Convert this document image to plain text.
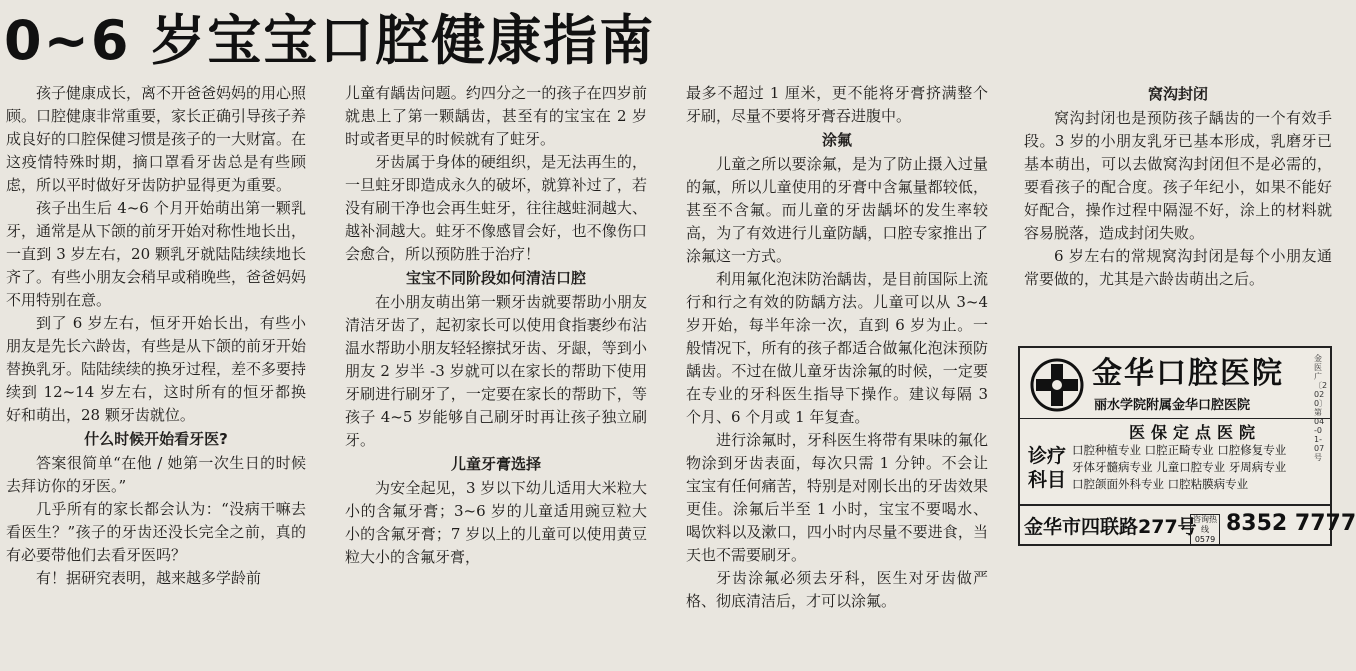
0~6 岁宝宝口腔健康指南

孩子健康成长，离不开爸爸妈妈的用心照顾。口腔健康非常重要，家长正确引导孩子养成良好的口腔保健习惯是孩子的一大财富。在这疫情特殊时期，摘口罩看牙齿总是有些顾虑，所以平时做好牙齿防护显得更为重要。

孩子出生后 4~6 个月开始萌出第一颗乳牙，通常是从下颌的前牙开始对称性地长出，一直到 3 岁左右，20 颗乳牙就陆陆续续地长齐了。有些小朋友会稍早或稍晚些，爸爸妈妈不用特别在意。

到了 6 岁左右，恒牙开始长出，有些小朋友是先长六龄齿，有些是从下颌的前牙开始替换乳牙。陆陆续续的换牙过程，差不多要持续到 12~14 岁左右，这时所有的恒牙都换好和萌出，28 颗牙齿就位。

什么时候开始看牙医?

答案很简单“在他 / 她第一次生日的时候去拜访你的牙医。”

几乎所有的家长都会认为：“没病干嘛去看医生？”孩子的牙齿还没长完全之前，真的有必要带他们去看牙医吗？

有！据研究表明，越来越多学龄前

儿童有龋齿问题。约四分之一的孩子在四岁前就患上了第一颗龋齿，甚至有的宝宝在 2 岁时或者更早的时候就有了蛀牙。

牙齿属于身体的硬组织，是无法再生的，一旦蛀牙即造成永久的破坏，就算补过了，若没有刷干净也会再生蛀牙，往往越蛀洞越大、越补洞越大。蛀牙不像感冒会好，也不像伤口会愈合，所以预防胜于治疗！

宝宝不同阶段如何清洁口腔

在小朋友萌出第一颗牙齿就要帮助小朋友清洁牙齿了，起初家长可以使用食指裹纱布沾温水帮助小朋友轻轻擦拭牙齿、牙龈，等到小朋友 2 岁半 -3 岁就可以在家长的帮助下使用牙刷进行刷牙了，一定要在家长的帮助下，等孩子 4~5 岁能够自己刷牙时再让孩子独立刷牙。

儿童牙膏选择

为安全起见，3 岁以下幼儿适用大米粒大小的含氟牙膏；3~6 岁的儿童适用豌豆粒大小的含氟牙膏；7 岁以上的儿童可以使用黄豆粒大小的含氟牙膏，

最多不超过 1 厘米，更不能将牙膏挤满整个牙刷，尽量不要将牙膏吞进腹中。

涂氟

儿童之所以要涂氟，是为了防止摄入过量的氟，所以儿童使用的牙膏中含氟量都较低，甚至不含氟。而儿童的牙齿龋坏的发生率较高，为了有效进行儿童防龋，口腔专家推出了涂氟这一方式。

利用氟化泡沫防治龋齿，是目前国际上流行和行之有效的防龋方法。儿童可以从 3~4 岁开始，每半年涂一次，直到 6 岁为止。一般情况下，所有的孩子都适合做氟化泡沫预防龋齿。不过在做儿童牙齿涂氟的时候，一定要在专业的牙科医生指导下操作。建议每隔 3 个月、6 个月或 1 年复查。

进行涂氟时，牙科医生将带有果味的氟化物涂到牙齿表面，每次只需 1 分钟。不会让宝宝有任何痛苦，特别是对刚长出的牙齿效果更佳。涂氟后半至 1 小时，宝宝不要喝水、喝饮料以及漱口，四小时内尽量不要进食，当天也不需要刷牙。

牙齿涂氟必须去牙科，医生对牙齿做严格、彻底清洁后，才可以涂氟。

窝沟封闭

窝沟封闭也是预防孩子龋齿的一个有效手段。3 岁的小朋友乳牙已基本形成，乳磨牙已基本萌出，可以去做窝沟封闭但不是必需的，要看孩子的配合度。孩子年纪小，如果不能好好配合，操作过程中隔湿不好，涂上的材料就容易脱落，造成封闭失败。

6 岁左右的常规窝沟封闭是每个小朋友通常要做的，尤其是六龄齿萌出之后。

金华口腔医院
丽水学院附属金华口腔医院
金医广〔2020〕第04-01-07号
医保定点医院
诊疗科目
口腔种植专业 口腔正畸专业 口腔修复专业
牙体牙髓病专业 儿童口腔专业 牙周病专业
口腔颌面外科专业 口腔粘膜病专业
金华市四联路277号
咨询热线
0579
8352 7777
